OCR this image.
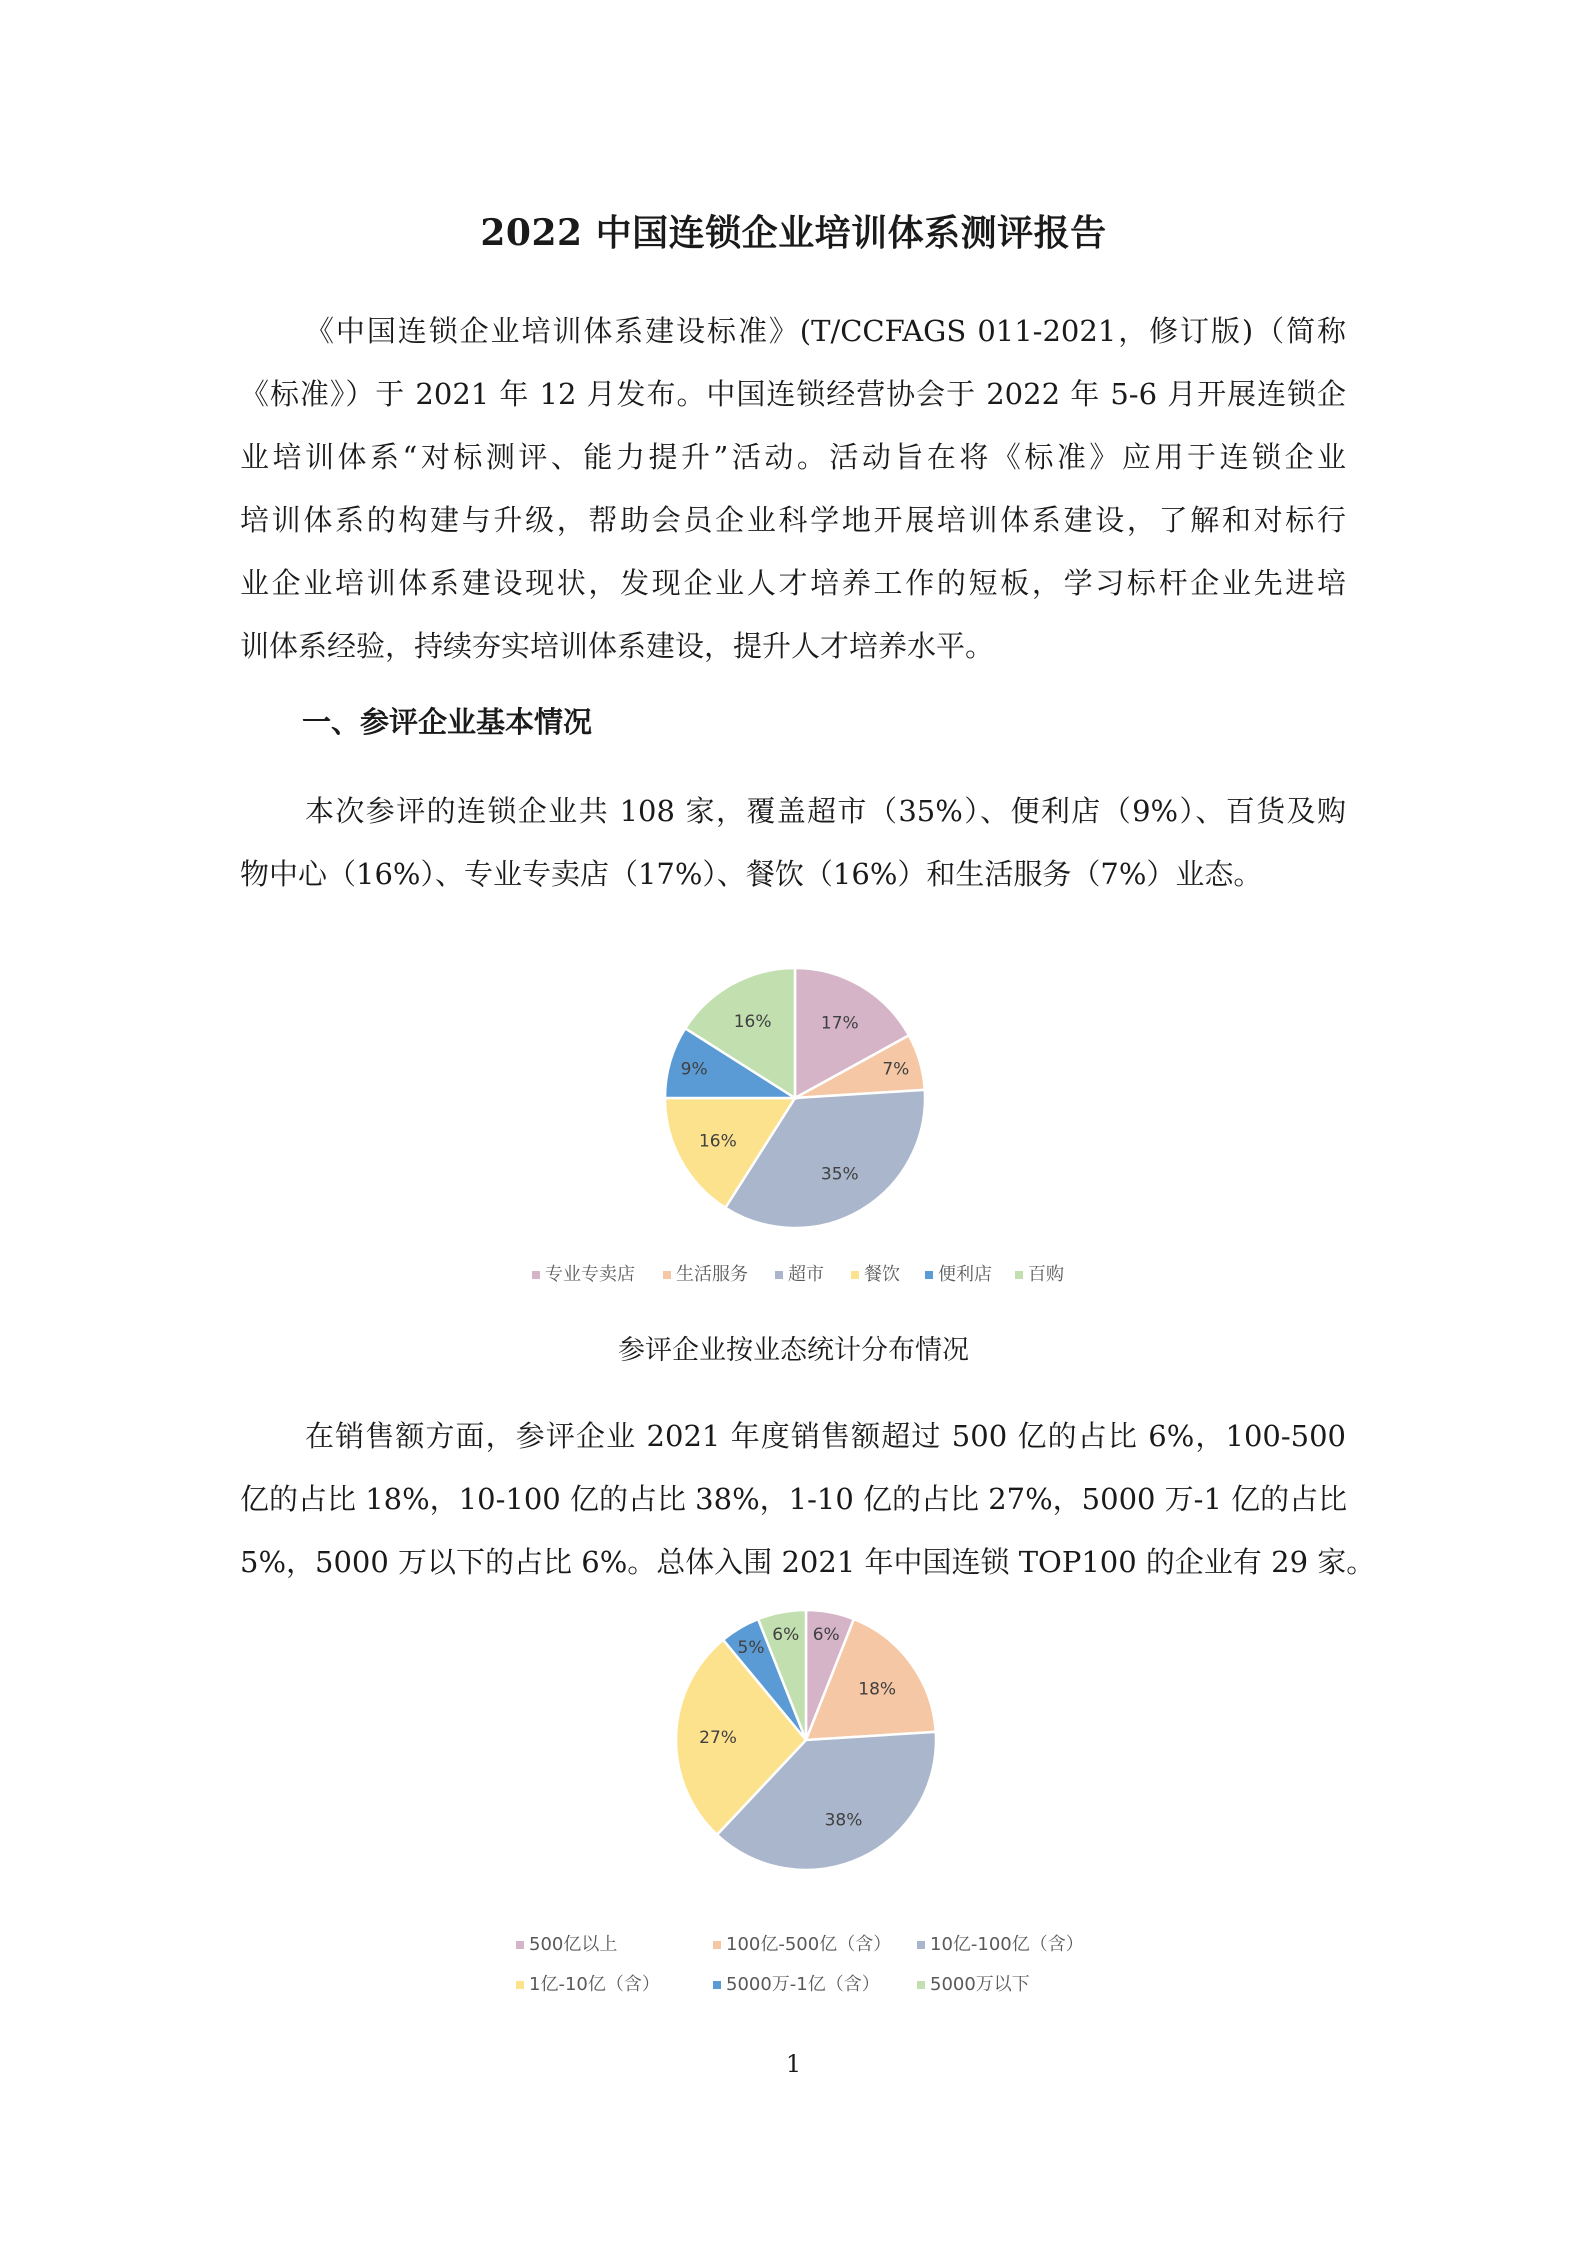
2022 中国连锁企业培训体系测评报告
《中国连锁企业培训体系建设标准》(T/CCFAGS 011-2021，修订版)（简称
《标准》）于 2021 年 12 月发布。中国连锁经营协会于 2022 年 5-6 月开展连锁企
业培训体系“对标测评、能力提升”活动。活动旨在将《标准》应用于连锁企业
培训体系的构建与升级，帮助会员企业科学地开展培训体系建设，了解和对标行
业企业培训体系建设现状，发现企业人才培养工作的短板，学习标杆企业先进培
训体系经验，持续夯实培训体系建设，提升人才培养水平。
一、参评企业基本情况
本次参评的连锁企业共 108 家，覆盖超市（35%）、便利店（9%）、百货及购
物中心（16%）、专业专卖店（17%）、餐饮（16%）和生活服务（7%）业态。
17%
7%
35%
16%
9%
16%
专业专卖店 生活服务 超市 餐饮 便利店 百购
参评企业按业态统计分布情况
在销售额方面，参评企业 2021 年度销售额超过 500 亿的占比 6%，100-500
亿的占比 18%，10-100 亿的占比 38%，1-10 亿的占比 27%，5000 万-1 亿的占比
5%，5000 万以下的占比 6%。总体入围 2021 年中国连锁 TOP100 的企业有 29 家。
6%
18%
38%
27%
5%
6%
500亿以上	100亿-500亿（含） 10亿-100亿（含）
1亿-10亿（含）	5000万-1亿（含）	5000万以下
1
